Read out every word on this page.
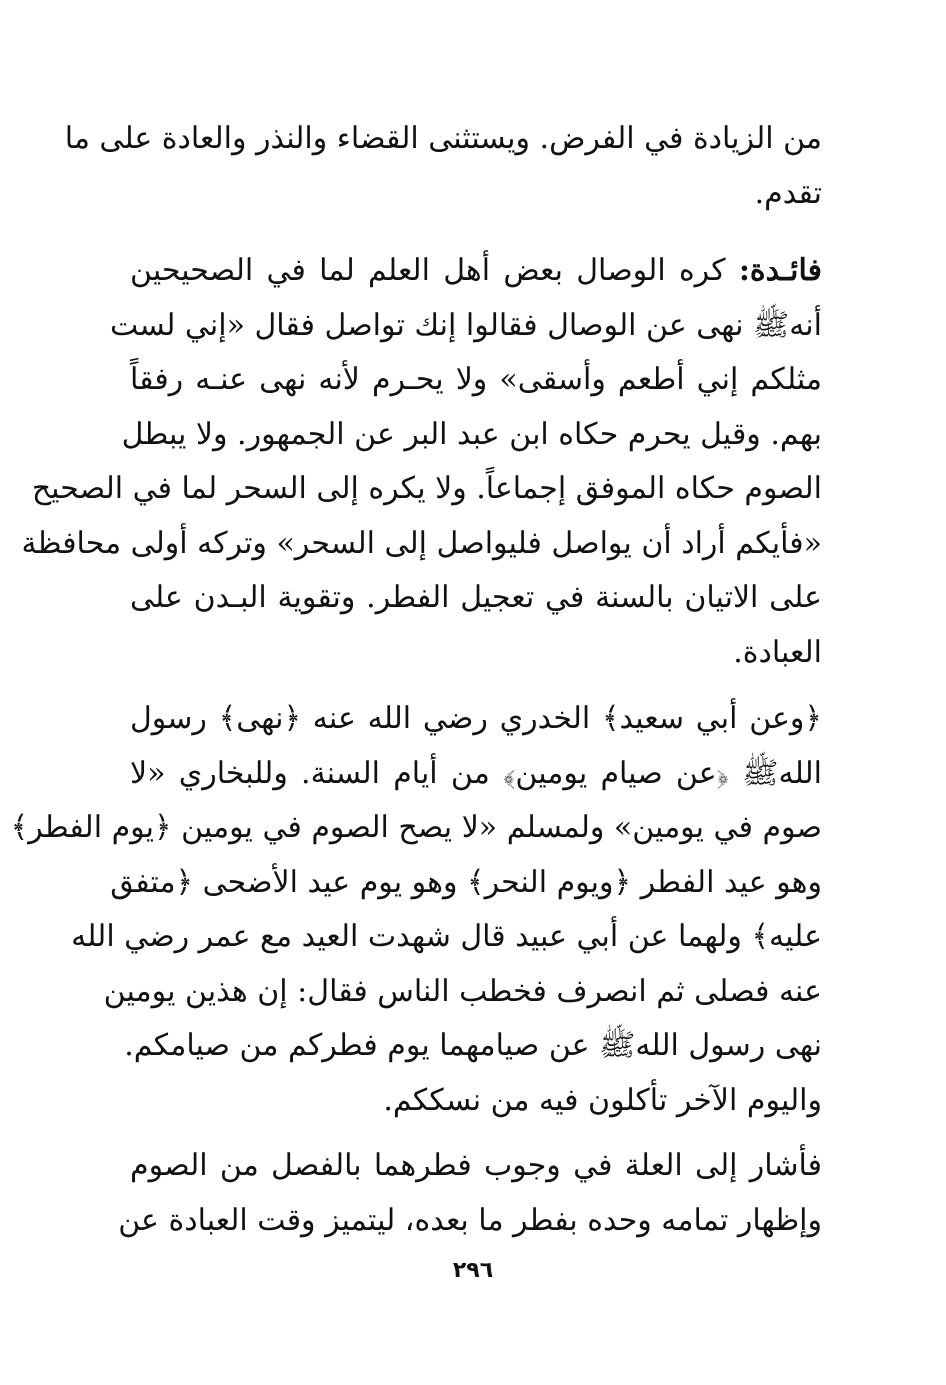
من الزيادة في الفرض. ويستثنى القضاء والنذر والعادة على ما
تقدم.
فائـدة: كره الوصال بعض أهل العلم لما في الصحيحين
أنهﷺ نهى عن الوصال فقالوا إنك تواصل فقال «إني لست
مثلكم إني أطعم وأسقى» ولا يحـرم لأنه نهى عنـه رفقاً
بهم. وقيل يحرم حكاه ابن عبد البر عن الجمهور. ولا يبطل
الصوم حكاه الموفق إجماعاً. ولا يكره إلى السحر لما في الصحيح
«فأيكم أراد أن يواصل فليواصل إلى السحر» وتركه أولى محافظة
على الاتيان بالسنة في تعجيل الفطر. وتقوية البـدن على
العبادة.
﴿وعن أبي سعيد﴾ الخدري رضي الله عنه ﴿نهى﴾ رسول
اللهﷺ ﴿عن صيام يومين﴾ من أيام السنة. وللبخاري «لا
صوم في يومين» ولمسلم «لا يصح الصوم في يومين ﴿يوم الفطر﴾
وهو عيد الفطر ﴿ويوم النحر﴾ وهو يوم عيد الأضحى ﴿متفق
عليه﴾ ولهما عن أبي عبيد قال شهدت العيد مع عمر رضي الله
عنه فصلى ثم انصرف فخطب الناس فقال: إن هذين يومين
نهى رسول اللهﷺ عن صيامهما يوم فطركم من صيامكم.
واليوم الآخر تأكلون فيه من نسككم.
فأشار إلى العلة في وجوب فطرهما بالفصل من الصوم
وإظهار تمامه وحده بفطر ما بعده، ليتميز وقت العبادة عن
٢٩٦
